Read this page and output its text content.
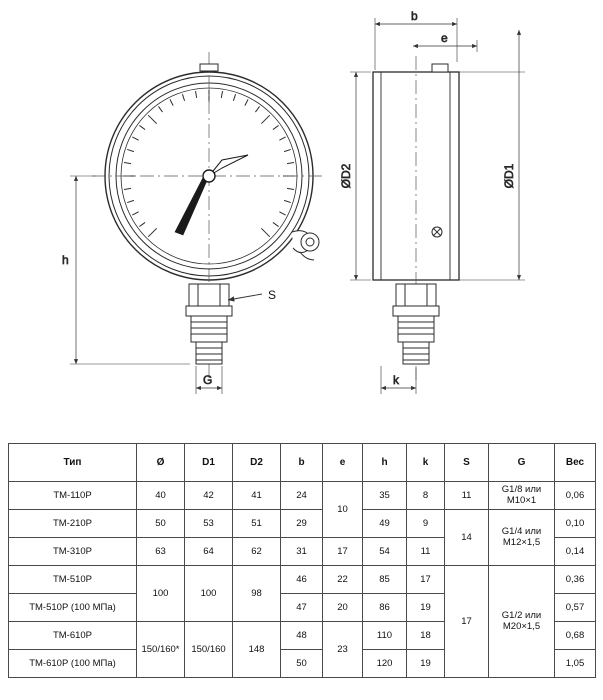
S
h
G
b
e
ØD2	ØD1
k
Тип	Ø	D1	D2	b	e	h	k	S	G	Вес
ТМ-110Р	40	42	41	24	10	35	8	11	G1/8 или M10×1	0,06
ТМ-210Р	50	53	51	29		49	9	14	G1/4 или M12×1,5	0,10
ТМ-310Р	63	64	62	31	17	54	11			0,14
ТМ-510Р	100	100	98	46	22	85	17	17	G1/2 или M20×1,5	0,36
ТМ-510Р (100 МПа)				47	20	86	19			0,57
ТМ-610Р	150/160*	150/160	148	48	23	110	18			0,68
ТМ-610Р (100 МПа)				50		120	19			1,05
